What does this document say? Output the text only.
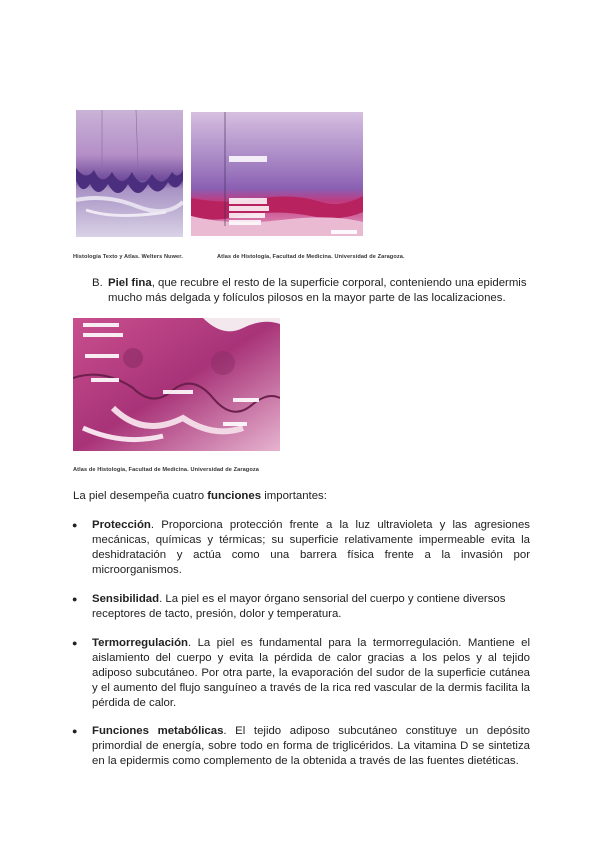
Histología Texto y Atlas. Welters Nuwer.	Atlas de Histología, Facultad de Medicina. Universidad de Zaragoza.
B. Piel fina, que recubre el resto de la superficie corporal, conteniendo una epidermis mucho más delgada y folículos pilosos en la mayor parte de las localizaciones.
Atlas de Histología, Facultad de Medicina. Universidad de Zaragoza
La piel desempeña cuatro funciones importantes:
● Protección. Proporciona protección frente a la luz ultravioleta y las agresiones mecánicas, químicas y térmicas; su superficie relativamente impermeable evita la deshidratación y actúa como una barrera física frente a la invasión por microorganismos.
● Sensibilidad. La piel es el mayor órgano sensorial del cuerpo y contiene diversos receptores de tacto, presión, dolor y temperatura.
● Termorregulación. La piel es fundamental para la termorregulación. Mantiene el aislamiento del cuerpo y evita la pérdida de calor gracias a los pelos y al tejido adiposo subcutáneo. Por otra parte, la evaporación del sudor de la superficie cutánea y el aumento del flujo sanguíneo a través de la rica red vascular de la dermis facilita la pérdida de calor.
● Funciones metabólicas. El tejido adiposo subcutáneo constituye un depósito primordial de energía, sobre todo en forma de triglicéridos. La vitamina D se sintetiza en la epidermis como complemento de la obtenida a través de las fuentes dietéticas.
